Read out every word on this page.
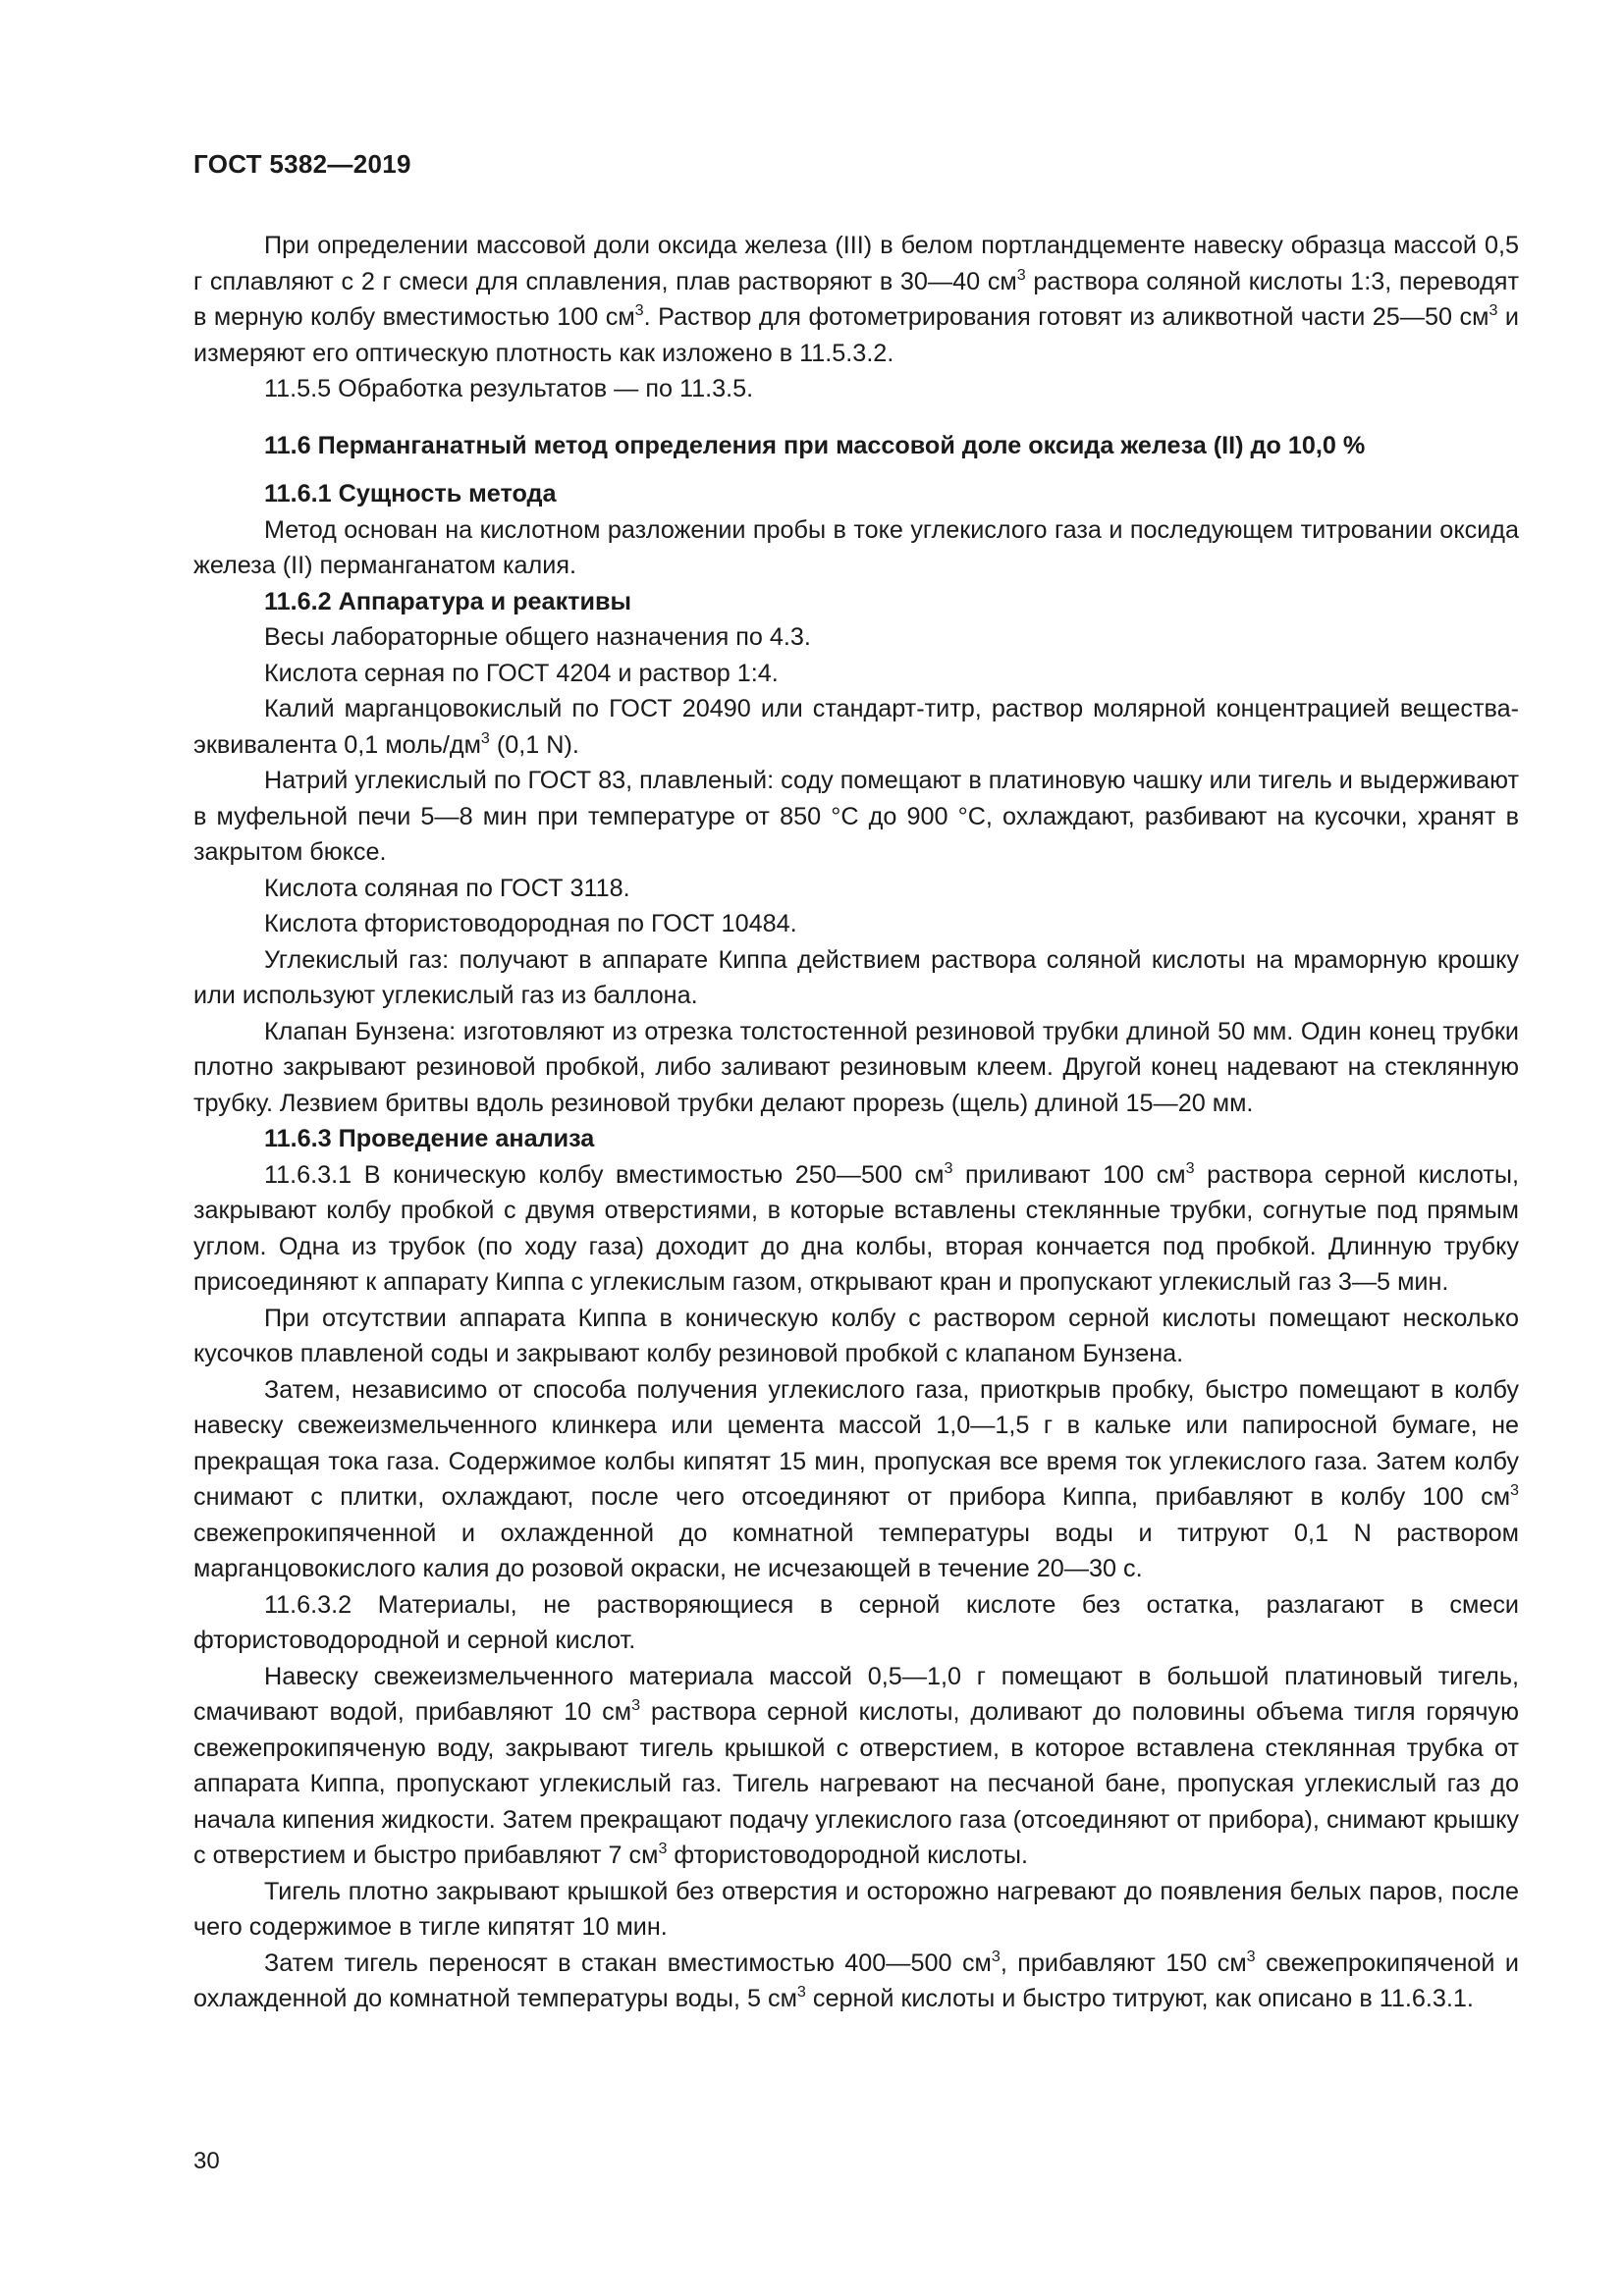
ГОСТ 5382—2019

При определении массовой доли оксида железа (III) в белом портландцементе навеску образца массой 0,5 г сплавляют с 2 г смеси для сплавления, плав растворяют в 30—40 $см^3$ раствора соляной кислоты 1:3, переводят в мерную колбу вместимостью 100 $см^3$. Раствор для фотометрирования готовят из аликвотной части 25—50 $см^3$ и измеряют его оптическую плотность как изложено в 11.5.3.2.

11.5.5 Обработка результатов — по 11.3.5.

11.6 Перманганатный метод определения при массовой доле оксида железа (II) до 10,0 %

11.6.1 Сущность метода

Метод основан на кислотном разложении пробы в токе углекислого газа и последующем титровании оксида железа (II) перманганатом калия.

11.6.2 Аппаратура и реактивы

Весы лабораторные общего назначения по 4.3.

Кислота серная по ГОСТ 4204 и раствор 1:4.

Калий марганцовокислый по ГОСТ 20490 или стандарт-титр, раствор молярной концентрацией вещества-эквивалента 0,1 моль/$дм^3$ (0,1 N).

Натрий углекислый по ГОСТ 83, плавленый: соду помещают в платиновую чашку или тигель и выдерживают в муфельной печи 5—8 мин при температуре от 850 °С до 900 °С, охлаждают, разбивают на кусочки, хранят в закрытом бюксе.

Кислота соляная по ГОСТ 3118.

Кислота фтористоводородная по ГОСТ 10484.

Углекислый газ: получают в аппарате Киппа действием раствора соляной кислоты на мраморную крошку или используют углекислый газ из баллона.

Клапан Бунзена: изготовляют из отрезка толстостенной резиновой трубки длиной 50 мм. Один конец трубки плотно закрывают резиновой пробкой, либо заливают резиновым клеем. Другой конец надевают на стеклянную трубку. Лезвием бритвы вдоль резиновой трубки делают прорезь (щель) длиной 15—20 мм.

11.6.3 Проведение анализа

11.6.3.1 В коническую колбу вместимостью 250—500 $см^3$ приливают 100 $см^3$ раствора серной кислоты, закрывают колбу пробкой с двумя отверстиями, в которые вставлены стеклянные трубки, согнутые под прямым углом. Одна из трубок (по ходу газа) доходит до дна колбы, вторая кончается под пробкой. Длинную трубку присоединяют к аппарату Киппа с углекислым газом, открывают кран и пропускают углекислый газ 3—5 мин.

При отсутствии аппарата Киппа в коническую колбу с раствором серной кислоты помещают несколько кусочков плавленой соды и закрывают колбу резиновой пробкой с клапаном Бунзена.

Затем, независимо от способа получения углекислого газа, приоткрыв пробку, быстро помещают в колбу навеску свежеизмельченного клинкера или цемента массой 1,0—1,5 г в кальке или папиросной бумаге, не прекращая тока газа. Содержимое колбы кипятят 15 мин, пропуская все время ток углекислого газа. Затем колбу снимают с плитки, охлаждают, после чего отсоединяют от прибора Киппа, прибавляют в колбу 100 $см^3$ свежепрокипяченной и охлажденной до комнатной температуры воды и титруют 0,1 N раствором марганцовокислого калия до розовой окраски, не исчезающей в течение 20—30 с.

11.6.3.2 Материалы, не растворяющиеся в серной кислоте без остатка, разлагают в смеси фтористоводородной и серной кислот.

Навеску свежеизмельченного материала массой 0,5—1,0 г помещают в большой платиновый тигель, смачивают водой, прибавляют 10 $см^3$ раствора серной кислоты, доливают до половины объема тигля горячую свежепрокипяченую воду, закрывают тигель крышкой с отверстием, в которое вставлена стеклянная трубка от аппарата Киппа, пропускают углекислый газ. Тигель нагревают на песчаной бане, пропуская углекислый газ до начала кипения жидкости. Затем прекращают подачу углекислого газа (отсоединяют от прибора), снимают крышку с отверстием и быстро прибавляют 7 $см^3$ фтористоводородной кислоты.

Тигель плотно закрывают крышкой без отверстия и осторожно нагревают до появления белых паров, после чего содержимое в тигле кипятят 10 мин.

Затем тигель переносят в стакан вместимостью 400—500 $см^3$, прибавляют 150 $см^3$ свежепрокипяченой и охлажденной до комнатной температуры воды, 5 $см^3$ серной кислоты и быстро титруют, как описано в 11.6.3.1.

30
